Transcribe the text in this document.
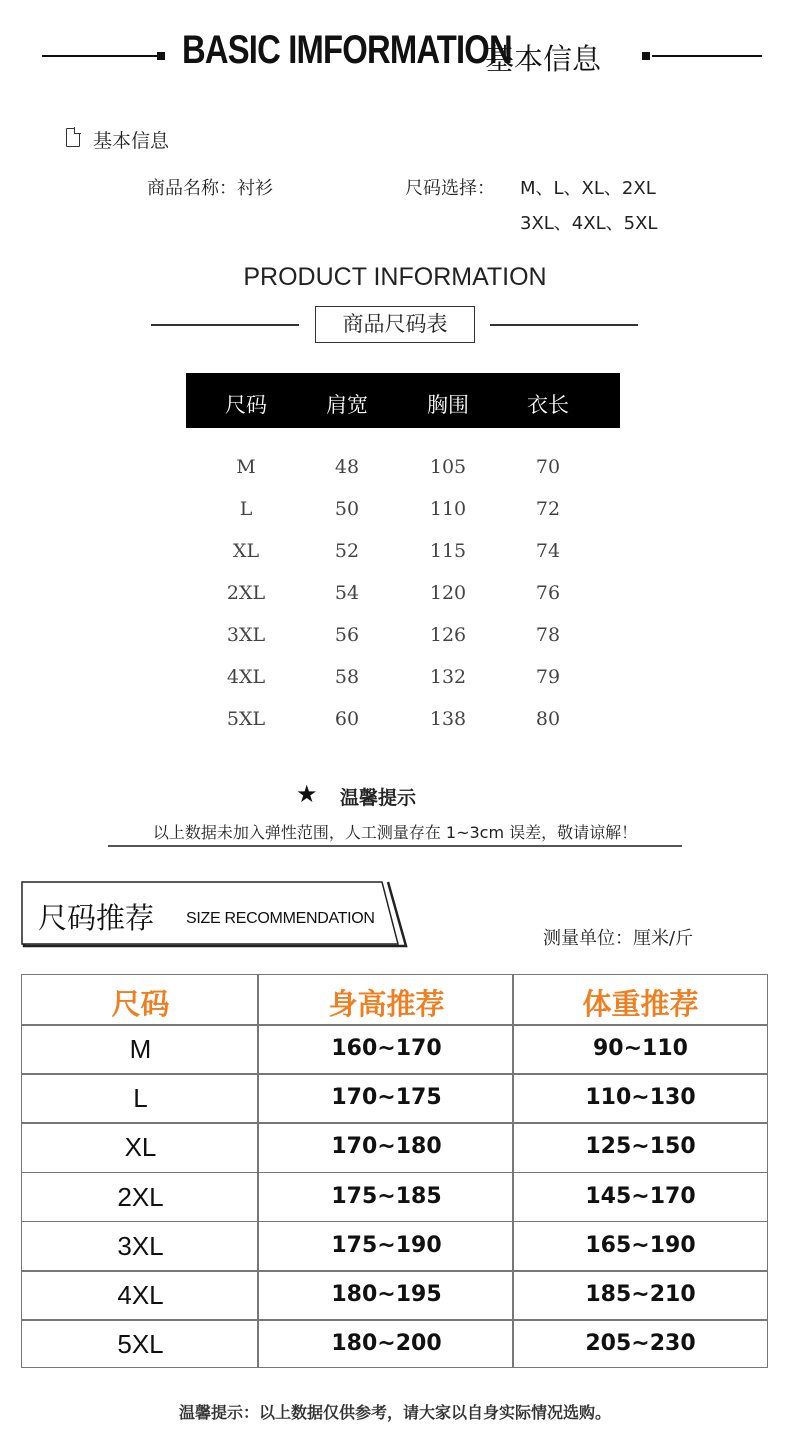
BASIC IMFORMATION
基本信息
基本信息
商品名称：衬衫	尺码选择： M、L、XL、2XL
3XL、4XL、5XL
PRODUCT INFORMATION
商品尺码表
尺码	肩宽	胸围	衣长
M	48	105	70
L	50	110	72
XL	52	115	74
2XL	54	120	76
3XL	56	126	78
4XL	58	132	79
5XL	60	138	80
★ 温馨提示
以上数据未加入弹性范围，人工测量存在 1~3cm 误差，敬请谅解！
尺码推荐 SIZE RECOMMENDATION
测量单位：厘米/斤
尺码	身高推荐	体重推荐
M	160~170	90~110
L	170~175	110~130
XL	170~180	125~150
2XL	175~185	145~170
3XL	175~190	165~190
4XL	180~195	185~210
5XL	180~200	205~230
温馨提示：以上数据仅供参考，请大家以自身实际情况选购。
